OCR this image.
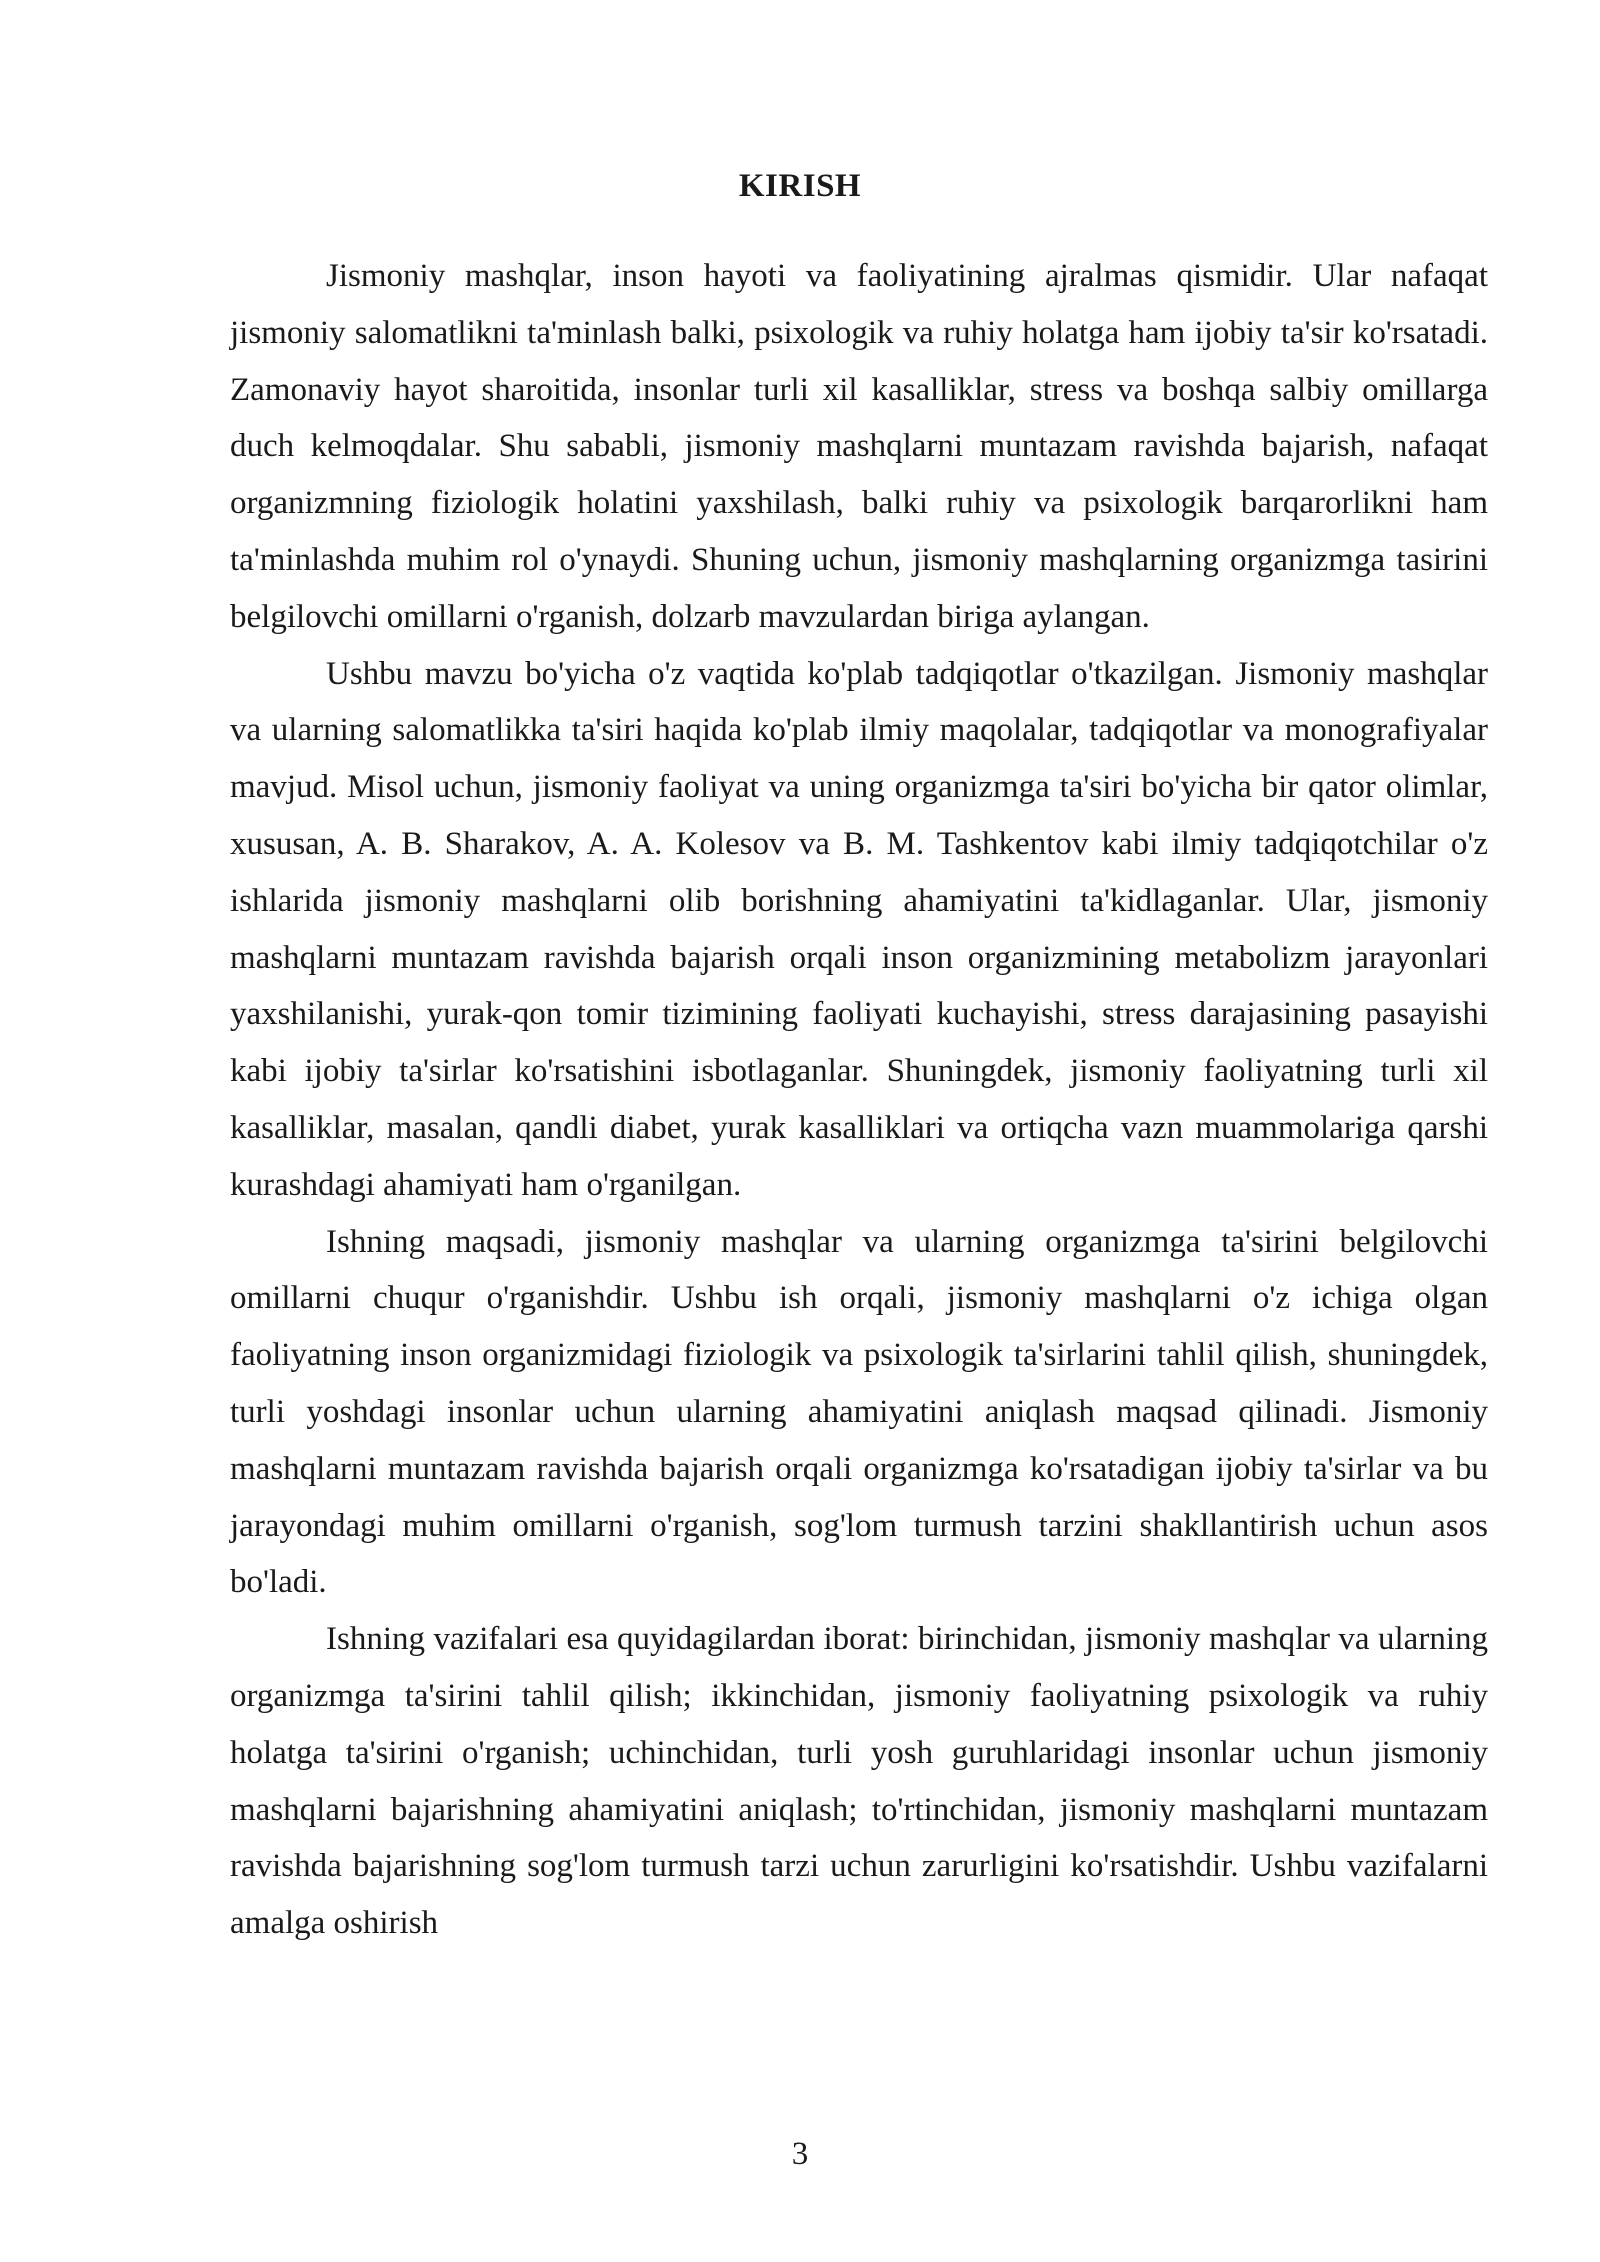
KIRISH

Jismoniy mashqlar, inson hayoti va faoliyatining ajralmas qismidir. Ular nafaqat jismoniy salomatlikni ta'minlash balki, psixologik va ruhiy holatga ham ijobiy ta'sir ko'rsatadi. Zamonaviy hayot sharoitida, insonlar turli xil kasalliklar, stress va boshqa salbiy omillarga duch kelmoqdalar. Shu sababli, jismoniy mashqlarni muntazam ravishda bajarish, nafaqat organizmning fiziologik holatini yaxshilash, balki ruhiy va psixologik barqarorlikni ham ta'minlashda muhim rol o'ynaydi. Shuning uchun, jismoniy mashqlarning organizmga tasirini belgilovchi omillarni o'rganish, dolzarb mavzulardan biriga aylangan.

Ushbu mavzu bo'yicha o'z vaqtida ko'plab tadqiqotlar o'tkazilgan. Jismoniy mashqlar va ularning salomatlikka ta'siri haqida ko'plab ilmiy maqolalar, tadqiqotlar va monografiyalar mavjud. Misol uchun, jismoniy faoliyat va uning organizmga ta'siri bo'yicha bir qator olimlar, xususan, A. B. Sharakov, A. A. Kolesov va B. M. Tashkentov kabi ilmiy tadqiqotchilar o'z ishlarida jismoniy mashqlarni olib borishning ahamiyatini ta'kidlaganlar. Ular, jismoniy mashqlarni muntazam ravishda bajarish orqali inson organizmining metabolizm jarayonlari yaxshilanishi, yurak-qon tomir tizimining faoliyati kuchayishi, stress darajasining pasayishi kabi ijobiy ta'sirlar ko'rsatishini isbotlaganlar. Shuningdek, jismoniy faoliyatning turli xil kasalliklar, masalan, qandli diabet, yurak kasalliklari va ortiqcha vazn muammolariga qarshi kurashdagi ahamiyati ham o'rganilgan.

Ishning maqsadi, jismoniy mashqlar va ularning organizmga ta'sirini belgilovchi omillarni chuqur o'rganishdir. Ushbu ish orqali, jismoniy mashqlarni o'z ichiga olgan faoliyatning inson organizmidagi fiziologik va psixologik ta'sirlarini tahlil qilish, shuningdek, turli yoshdagi insonlar uchun ularning ahamiyatini aniqlash maqsad qilinadi. Jismoniy mashqlarni muntazam ravishda bajarish orqali organizmga ko'rsatadigan ijobiy ta'sirlar va bu jarayondagi muhim omillarni o'rganish, sog'lom turmush tarzini shakllantirish uchun asos bo'ladi.

Ishning vazifalari esa quyidagilardan iborat: birinchidan, jismoniy mashqlar va ularning organizmga ta'sirini tahlil qilish; ikkinchidan, jismoniy faoliyatning psixologik va ruhiy holatga ta'sirini o'rganish; uchinchidan, turli yosh guruhlaridagi insonlar uchun jismoniy mashqlarni bajarishning ahamiyatini aniqlash; to'rtinchidan, jismoniy mashqlarni muntazam ravishda bajarishning sog'lom turmush tarzi uchun zarurligini ko'rsatishdir. Ushbu vazifalarni amalga oshirish

3
